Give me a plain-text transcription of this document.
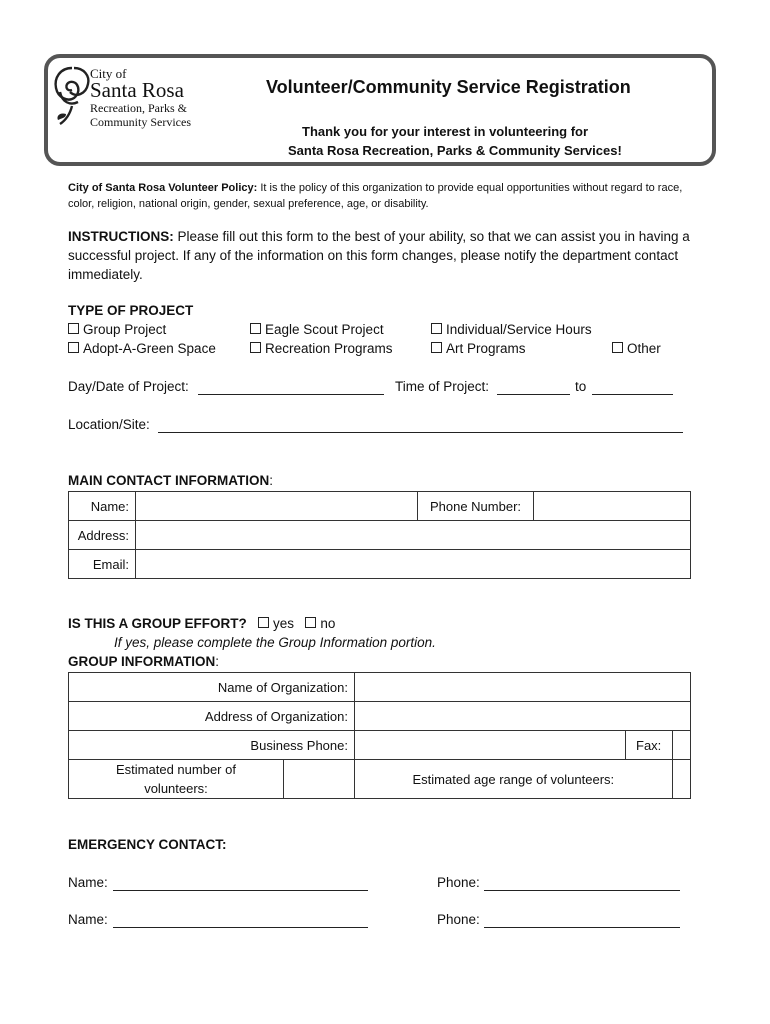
City of
Santa Rosa
Recreation, Parks &
Community Services
Volunteer/Community Service Registration
Thank you for your interest in volunteering for
Santa Rosa Recreation, Parks & Community Services!
City of Santa Rosa Volunteer Policy: It is the policy of this organization to provide equal opportunities without regard to race, color, religion, national origin, gender, sexual preference, age, or disability.
INSTRUCTIONS: Please fill out this form to the best of your ability, so that we can assist you in having a successful project. If any of the information on this form changes, please notify the department contact immediately.
TYPE OF PROJECT
Group Project	Eagle Scout Project	Individual/Service Hours
Adopt-A-Green Space	Recreation Programs	Art Programs	Other
Day/Date of Project:	Time of Project:	to
Location/Site:
MAIN CONTACT INFORMATION:
Name:		Phone Number:	
Address:			
Email:			
IS THIS A GROUP EFFORT? yes no
If yes, please complete the Group Information portion.
GROUP INFORMATION:
Name of Organization:				
Address of Organization:				
Business Phone:			Fax:	
Estimated number of
volunteers:		Estimated age range of volunteers:		
EMERGENCY CONTACT:
Name:	Phone:
Name:	Phone:
